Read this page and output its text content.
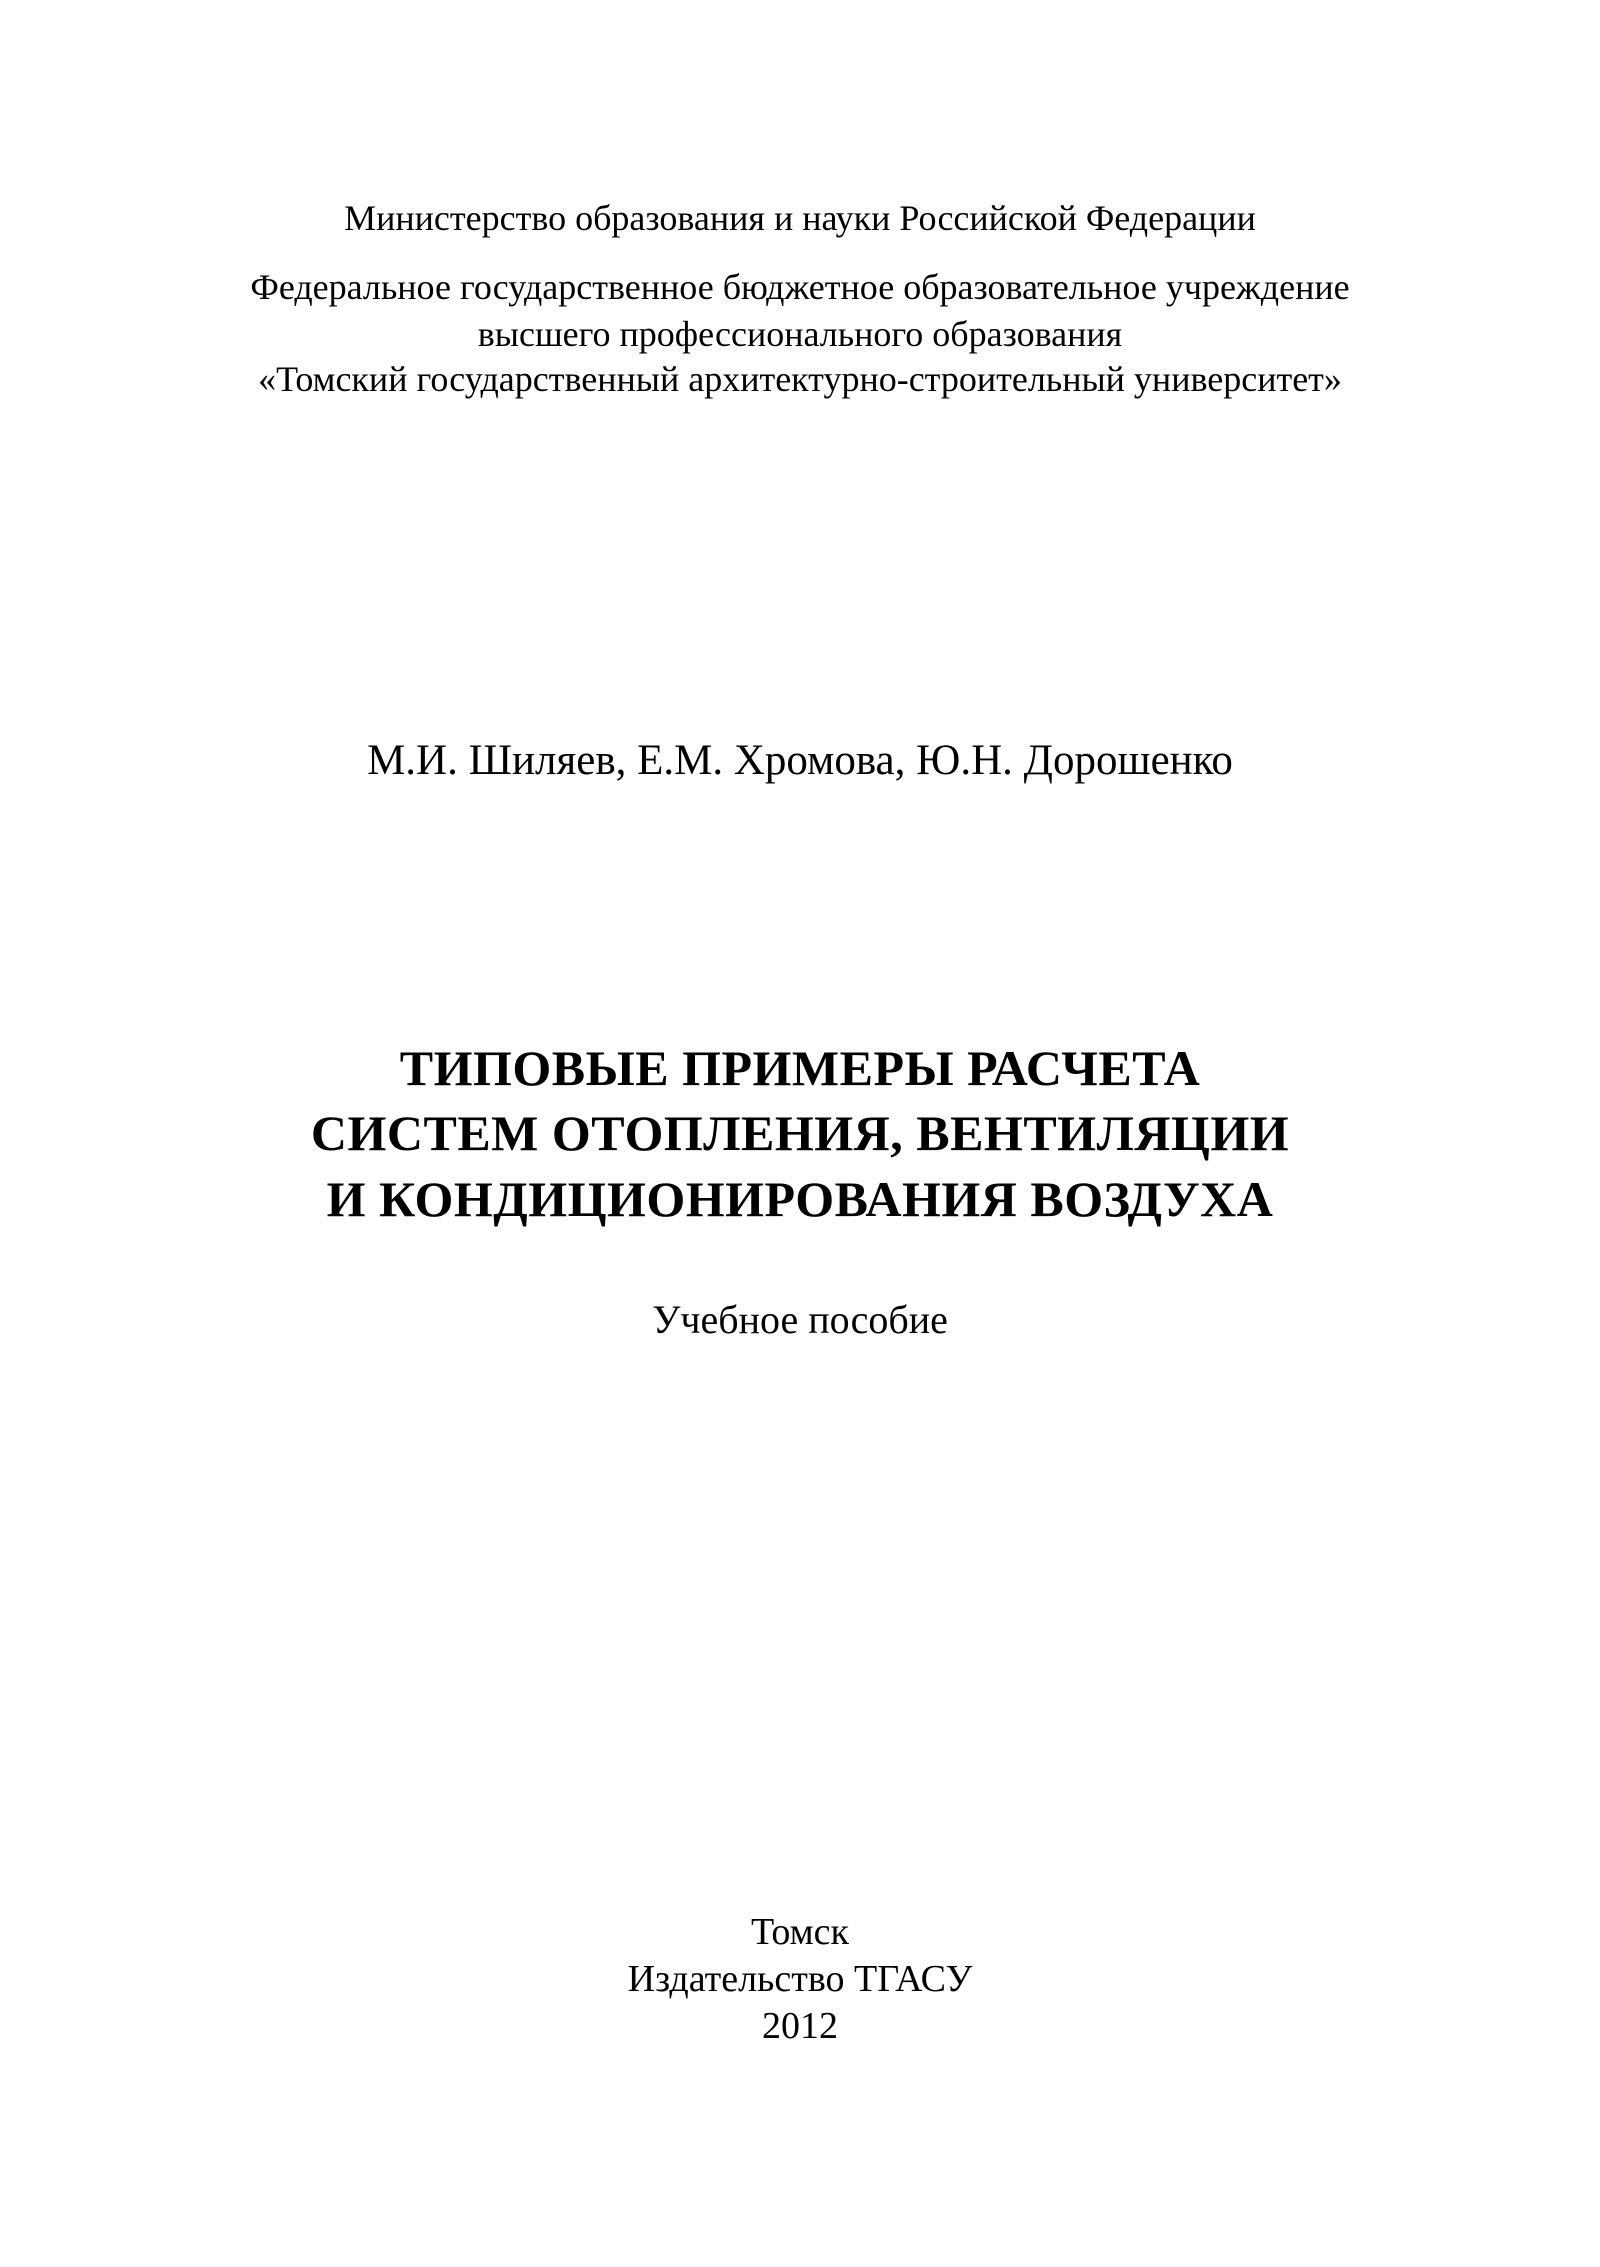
Министерство образования и науки Российской Федерации
Федеральное государственное бюджетное образовательное учреждение
высшего профессионального образования
«Томский государственный архитектурно-строительный университет»
М.И. Шиляев, Е.М. Хромова, Ю.Н. Дорошенко
ТИПОВЫЕ ПРИМЕРЫ РАСЧЕТА
СИСТЕМ ОТОПЛЕНИЯ, ВЕНТИЛЯЦИИ
И КОНДИЦИОНИРОВАНИЯ ВОЗДУХА
Учебное пособие
Томск
Издательство ТГАСУ
2012
